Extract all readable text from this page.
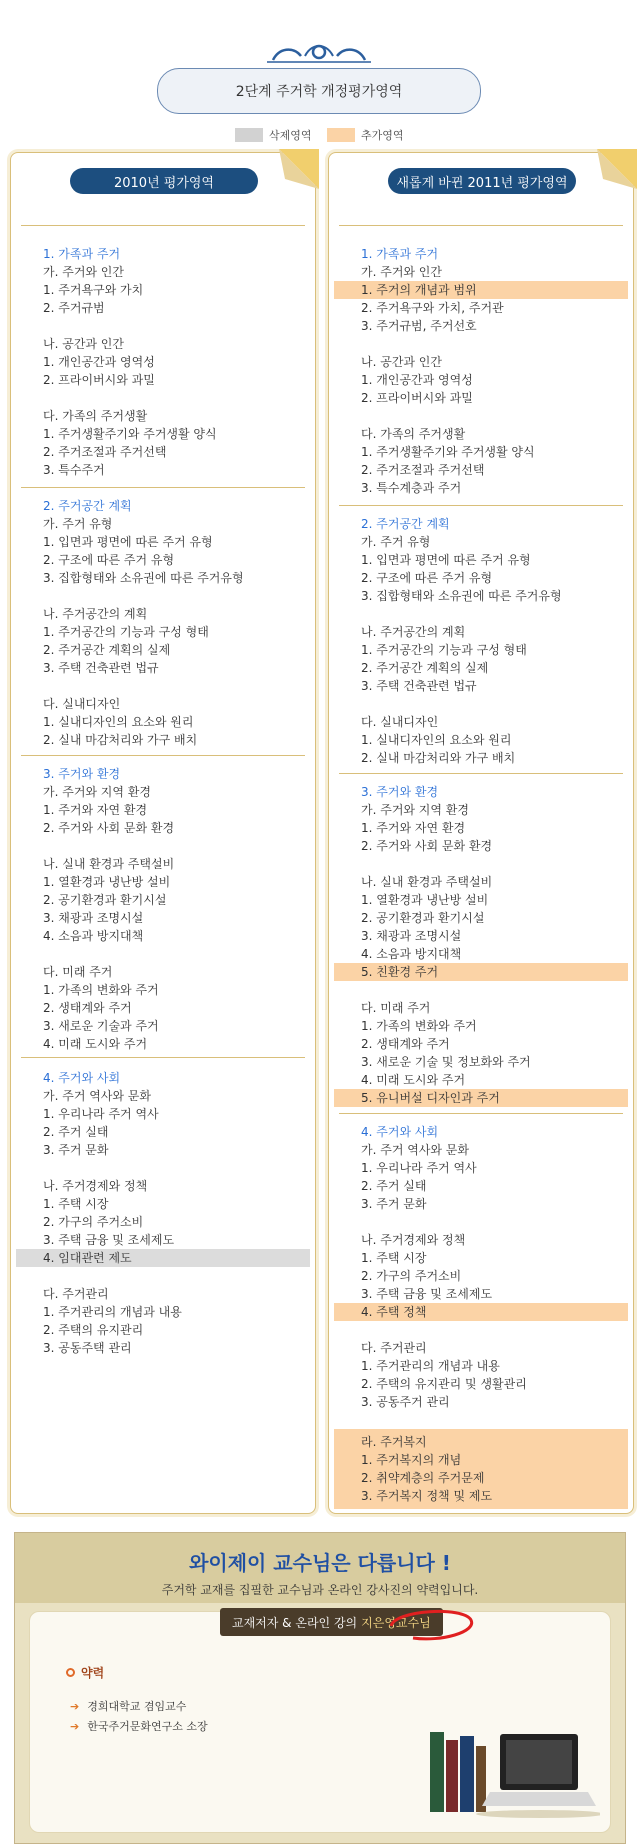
2단계 주거학 개정평가영역
삭제영역	추가영역
2010년 평가영역
1. 가족과 주거
가. 주거와 인간
1. 주거욕구와 가치
2. 주거규범
나. 공간과 인간
1. 개인공간과 영역성
2. 프라이버시와 과밀
다. 가족의 주거생활
1. 주거생활주기와 주거생활 양식
2. 주거조절과 주거선택
3. 특수주거
2. 주거공간 계획
가. 주거 유형
1. 입면과 평면에 따른 주거 유형
2. 구조에 따른 주거 유형
3. 집합형태와 소유권에 따른 주거유형
나. 주거공간의 계획
1. 주거공간의 기능과 구성 형태
2. 주거공간 계획의 실제
3. 주택 건축관련 법규
다. 실내디자인
1. 실내디자인의 요소와 원리
2. 실내 마감처리와 가구 배치
3. 주거와 환경
가. 주거와 지역 환경
1. 주거와 자연 환경
2. 주거와 사회 문화 환경
나. 실내 환경과 주택설비
1. 열환경과 냉난방 설비
2. 공기환경과 환기시설
3. 채광과 조명시설
4. 소음과 방지대책
다. 미래 주거
1. 가족의 변화와 주거
2. 생태계와 주거
3. 새로운 기술과 주거
4. 미래 도시와 주거
4. 주거와 사회
가. 주거 역사와 문화
1. 우리나라 주거 역사
2. 주거 실태
3. 주거 문화
나. 주거경제와 정책
1. 주택 시장
2. 가구의 주거소비
3. 주택 금융 및 조세제도
4. 임대관련 제도
다. 주거관리
1. 주거관리의 개념과 내용
2. 주택의 유지관리
3. 공동주택 관리
새롭게 바뀐 2011년 평가영역
1. 가족과 주거
가. 주거와 인간
1. 주거의 개념과 범위
2. 주거욕구와 가치, 주거관
3. 주거규범, 주거선호
나. 공간과 인간
1. 개인공간과 영역성
2. 프라이버시와 과밀
다. 가족의 주거생활
1. 주거생활주기와 주거생활 양식
2. 주거조절과 주거선택
3. 특수계층과 주거
2. 주거공간 계획
가. 주거 유형
1. 입면과 평면에 따른 주거 유형
2. 구조에 따른 주거 유형
3. 집합형태와 소유권에 따른 주거유형
나. 주거공간의 계획
1. 주거공간의 기능과 구성 형태
2. 주거공간 계획의 실제
3. 주택 건축관련 법규
다. 실내디자인
1. 실내디자인의 요소와 원리
2. 실내 마감처리와 가구 배치
3. 주거와 환경
가. 주거와 지역 환경
1. 주거와 자연 환경
2. 주거와 사회 문화 환경
나. 실내 환경과 주택설비
1. 열환경과 냉난방 설비
2. 공기환경과 환기시설
3. 채광과 조명시설
4. 소음과 방지대책
5. 친환경 주거
다. 미래 주거
1. 가족의 변화와 주거
2. 생태계와 주거
3. 새로운 기술 및 정보화와 주거
4. 미래 도시와 주거
5. 유니버설 디자인과 주거
4. 주거와 사회
가. 주거 역사와 문화
1. 우리나라 주거 역사
2. 주거 실태
3. 주거 문화
나. 주거경제와 정책
1. 주택 시장
2. 가구의 주거소비
3. 주택 금융 및 조세제도
4. 주택 정책
다. 주거관리
1. 주거관리의 개념과 내용
2. 주택의 유지관리 및 생활관리
3. 공동주거 관리
라. 주거복지
1. 주거복지의 개념
2. 취약계층의 주거문제
3. 주거복지 정책 및 제도
와이제이 교수님은 다릅니다 !
주거학 교재를 집필한 교수님과 온라인 강사진의 약력입니다.
교재저자 & 온라인 강의 지은영교수님
약력
➔ 경희대학교 겸임교수
➔ 한국주거문화연구소 소장
